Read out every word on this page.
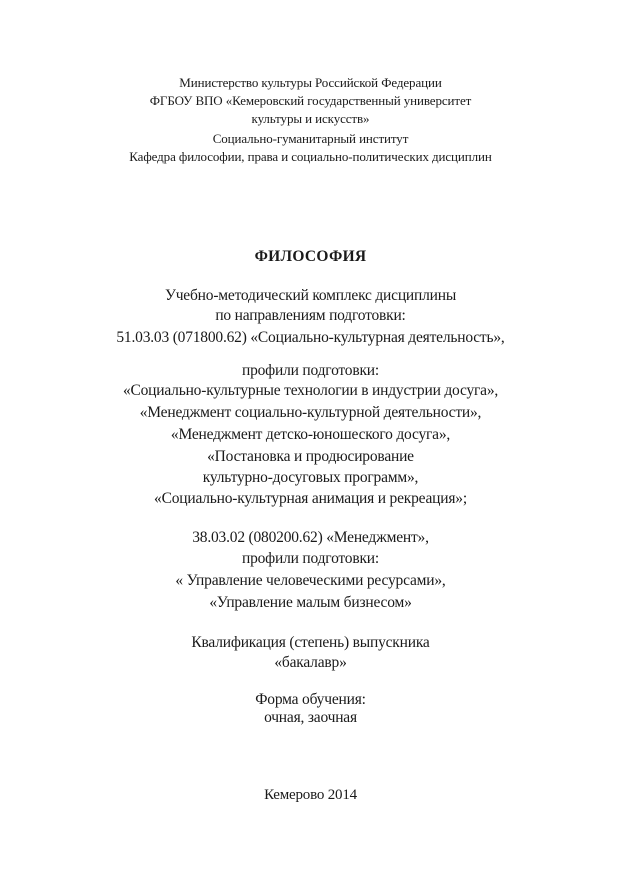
Министерство культуры Российской Федерации
ФГБОУ ВПО «Кемеровский государственный университет
культуры и искусств»
Социально-гуманитарный институт
Кафедра философии, права и социально-политических дисциплин
ФИЛОСОФИЯ
Учебно-методический комплекс дисциплины
по направлениям подготовки:
51.03.03 (071800.62) «Социально-культурная деятельность»,
профили подготовки:
«Социально-культурные технологии в индустрии досуга»,
«Менеджмент социально-культурной деятельности»,
«Менеджмент детско-юношеского досуга»,
«Постановка и продюсирование
культурно-досуговых программ»,
«Социально-культурная анимация и рекреация»;
38.03.02 (080200.62) «Менеджмент»,
профили подготовки:
« Управление человеческими ресурсами»,
«Управление малым бизнесом»
Квалификация (степень) выпускника
«бакалавр»
Форма обучения:
очная, заочная
Кемерово 2014
